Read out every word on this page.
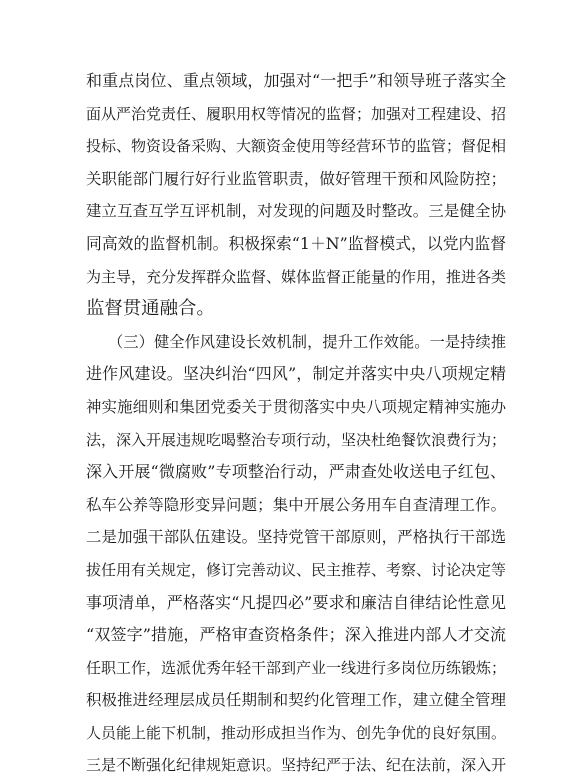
和重点岗位、重点领域，加强对“一把手”和领导班子落实全
面从严治党责任、履职用权等情况的监督；加强对工程建设、招
投标、物资设备采购、大额资金使用等经营环节的监管；督促相
关职能部门履行好行业监管职责，做好管理干预和风险防控；
建立互查互学互评机制，对发现的问题及时整改。三是健全协
同高效的监督机制。积极探索“1＋N”监督模式，以党内监督
为主导，充分发挥群众监督、媒体监督正能量的作用，推进各类
监督贯通融合。
（三）健全作风建设长效机制，提升工作效能。一是持续推
进作风建设。坚决纠治“四风”，制定并落实中央八项规定精
神实施细则和集团党委关于贯彻落实中央八项规定精神实施办
法，深入开展违规吃喝整治专项行动，坚决杜绝餐饮浪费行为；
深入开展“微腐败”专项整治行动，严肃查处收送电子红包、
私车公养等隐形变异问题；集中开展公务用车自查清理工作。
二是加强干部队伍建设。坚持党管干部原则，严格执行干部选
拔任用有关规定，修订完善动议、民主推荐、考察、讨论决定等
事项清单，严格落实“凡提四必”要求和廉洁自律结论性意见
“双签字”措施，严格审查资格条件；深入推进内部人才交流
任职工作，选派优秀年轻干部到产业一线进行多岗位历练锻炼；
积极推进经理层成员任期制和契约化管理工作，建立健全管理
人员能上能下机制，推动形成担当作为、创先争优的良好氛围。
三是不断强化纪律规矩意识。坚持纪严于法、纪在法前，深入开
